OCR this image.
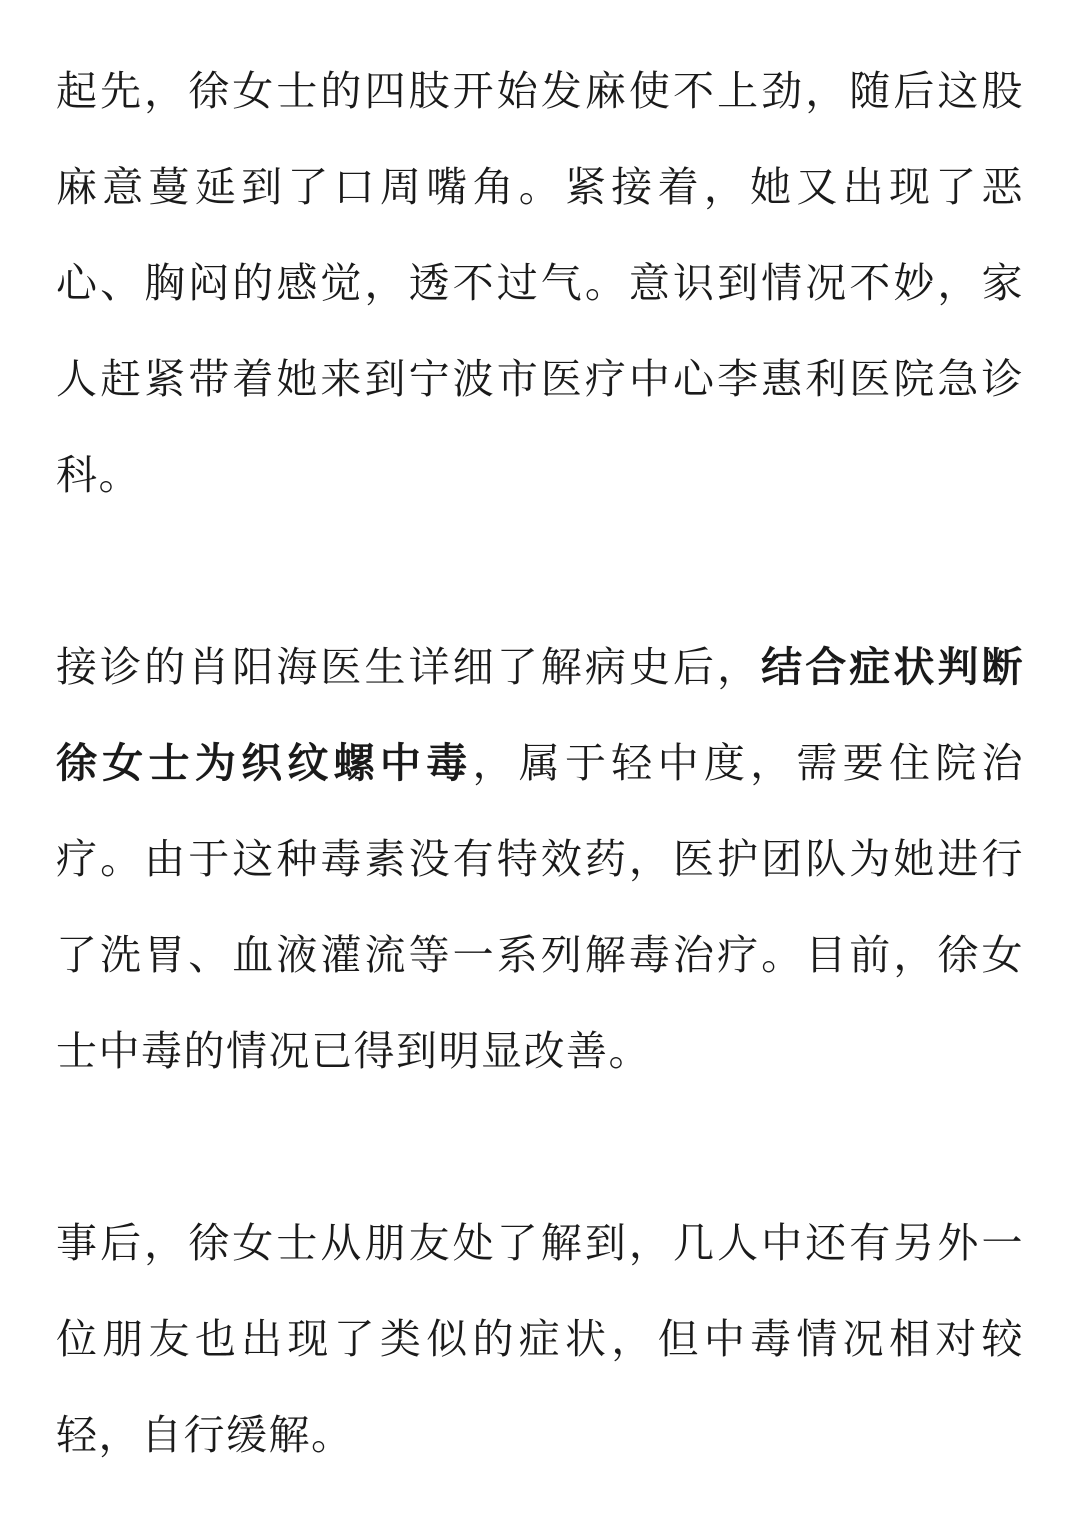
起先，徐女士的四肢开始发麻使不上劲，随后这股麻意蔓延到了口周嘴角。紧接着，她又出现了恶心、胸闷的感觉，透不过气。意识到情况不妙，家人赶紧带着她来到宁波市医疗中心李惠利医院急诊科。

接诊的肖阳海医生详细了解病史后，结合症状判断徐女士为织纹螺中毒，属于轻中度，需要住院治疗。由于这种毒素没有特效药，医护团队为她进行了洗胃、血液灌流等一系列解毒治疗。目前，徐女士中毒的情况已得到明显改善。

事后，徐女士从朋友处了解到，几人中还有另外一位朋友也出现了类似的症状，但中毒情况相对较轻，自行缓解。
